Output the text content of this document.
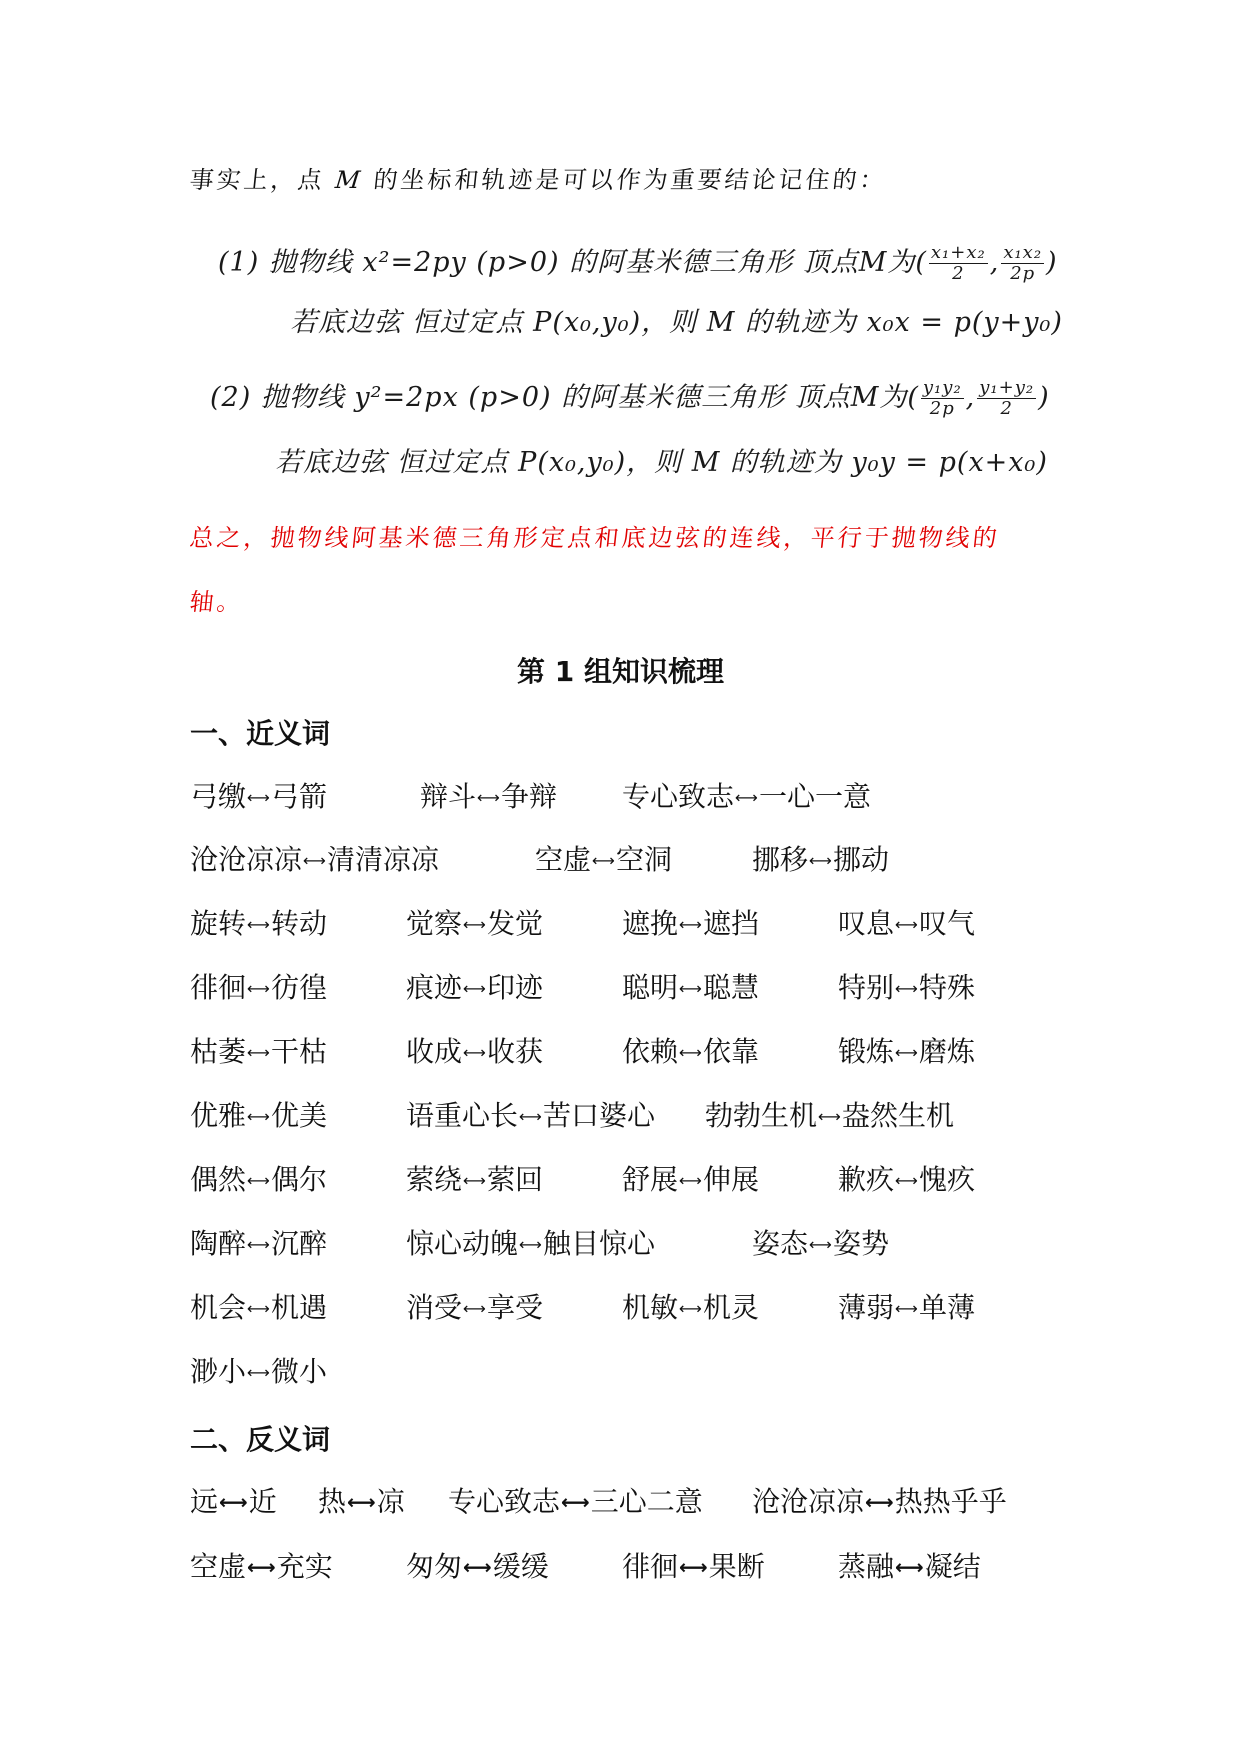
事实上，点 M 的坐标和轨迹是可以作为重要结论记住的：
(1) 抛物线 x²=2py (p>0) 的阿基米德三角形 顶点M为( $\frac{\text{x₁+x₂}}{2}$ , $\frac{\text{x₁x₂}}{2p}$ )
若底边弦 恒过定点 P(x₀,y₀)，则 M 的轨迹为 x₀x = p(y+y₀)
(2) 抛物线 y²=2px (p>0) 的阿基米德三角形 顶点M为( $\frac{\text{y₁y₂}}{2p}$ , $\frac{\text{y₁+y₂}}{2}$ )
若底边弦 恒过定点 P(x₀,y₀)，则 M 的轨迹为 y₀y = p(x+x₀)
总之，抛物线阿基米德三角形定点和底边弦的连线，平行于抛物线的
轴。
第 1 组知识梳理
一、近义词
弓缴⟷弓箭	辩斗⟷争辩 专心致志⟷一心一意
沧沧凉凉⟷清清凉凉	空虚⟷空洞	挪移⟷挪动
旋转⟷转动	觉察⟷发觉	遮挽⟷遮挡	叹息⟷叹气
徘徊⟷彷徨	痕迹⟷印迹	聪明⟷聪慧	特别⟷特殊
枯萎⟷干枯	收成⟷收获	依赖⟷依靠	锻炼⟷磨炼
优雅⟷优美	语重心长⟷苦口婆心 勃勃生机⟷盎然生机
偶然⟷偶尔	萦绕⟷萦回	舒展⟷伸展	歉疚⟷愧疚
陶醉⟷沉醉	惊心动魄⟷触目惊心	姿态⟷姿势
机会⟷机遇	消受⟷享受	机敏⟷机灵	薄弱⟷单薄
渺小⟷微小
二、反义词
远⟷近 热⟷凉 专心致志⟷三心二意 沧沧凉凉⟷热热乎乎
空虚⟷充实	匆匆⟷缓缓	徘徊⟷果断	蒸融⟷凝结
